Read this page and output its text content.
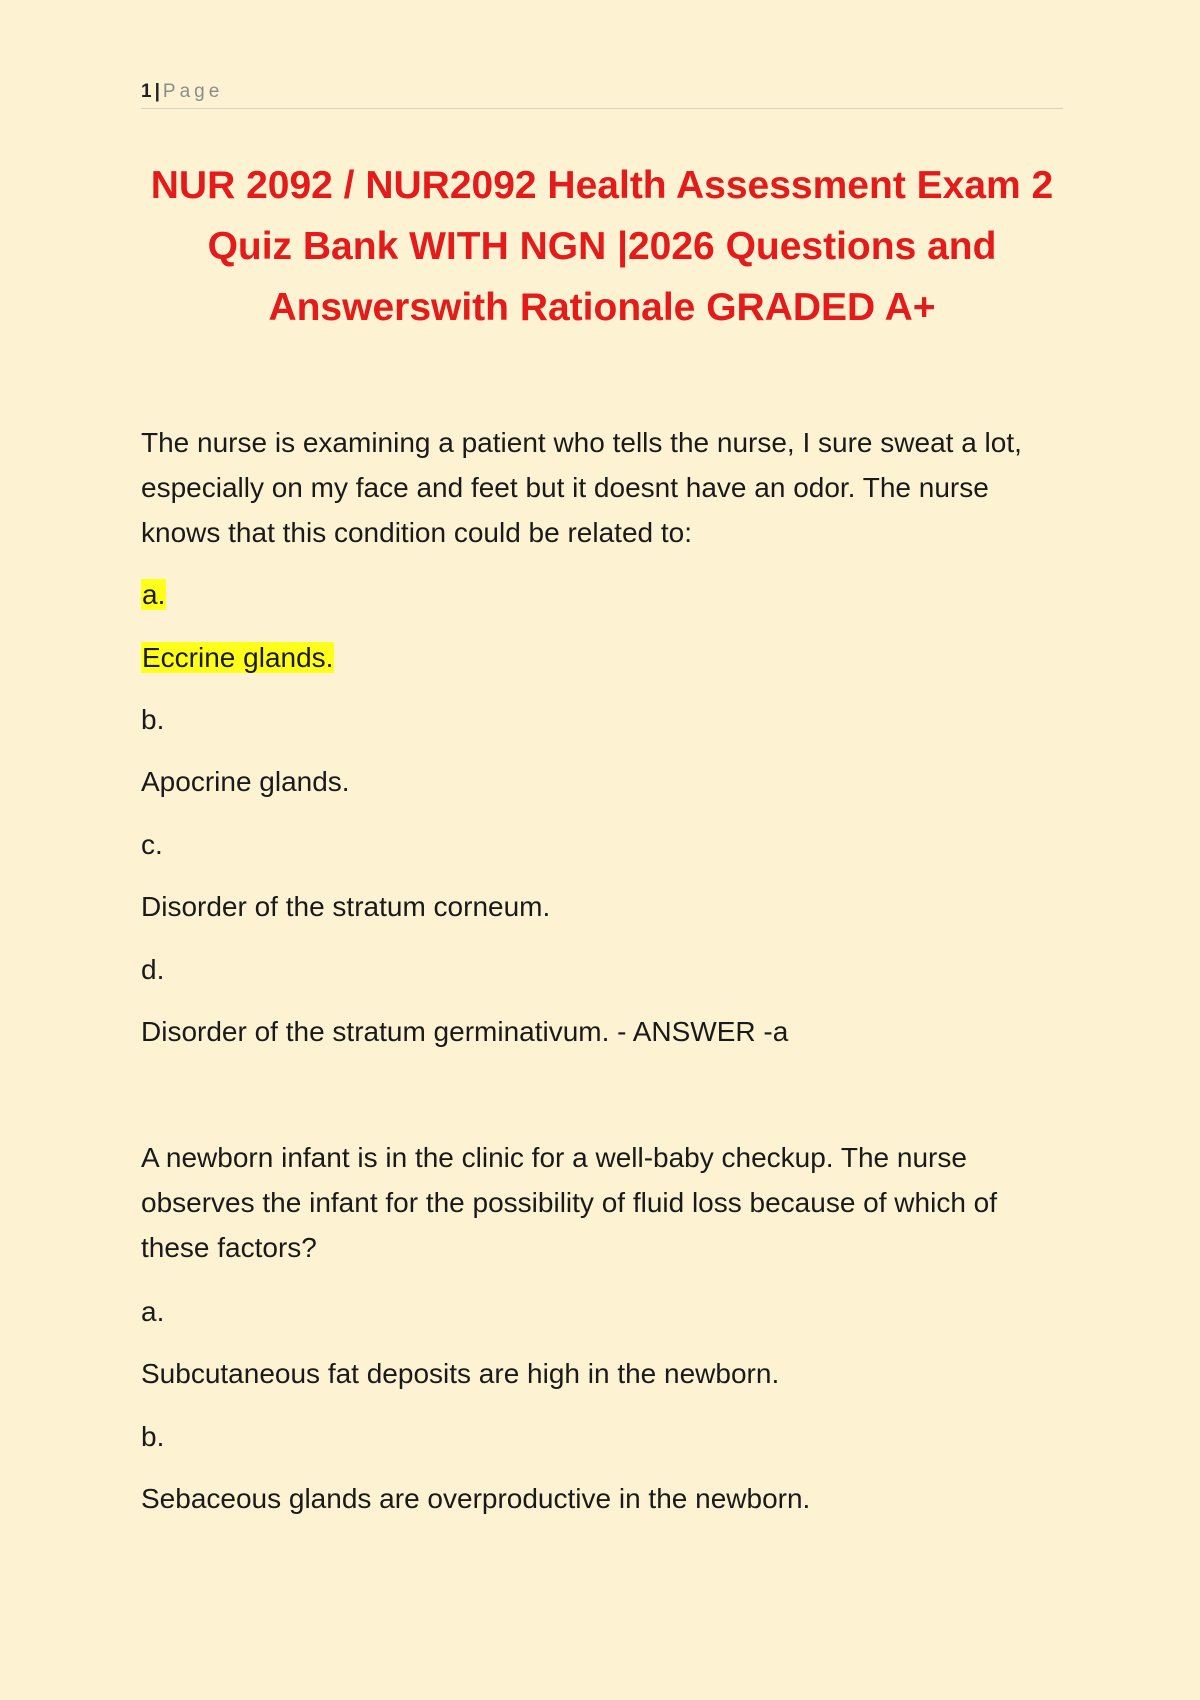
1 | Page
NUR 2092 / NUR2092 Health Assessment Exam 2 Quiz Bank WITH NGN |2026 Questions and Answerswith Rationale GRADED A+

The nurse is examining a patient who tells the nurse, I sure sweat a lot, especially on my face and feet but it doesnt have an odor. The nurse knows that this condition could be related to:

a.

Eccrine glands.

b.

Apocrine glands.

c.

Disorder of the stratum corneum.

d.

Disorder of the stratum germinativum. - ANSWER -a

A newborn infant is in the clinic for a well-baby checkup. The nurse observes the infant for the possibility of fluid loss because of which of these factors?

a.

Subcutaneous fat deposits are high in the newborn.

b.

Sebaceous glands are overproductive in the newborn.
